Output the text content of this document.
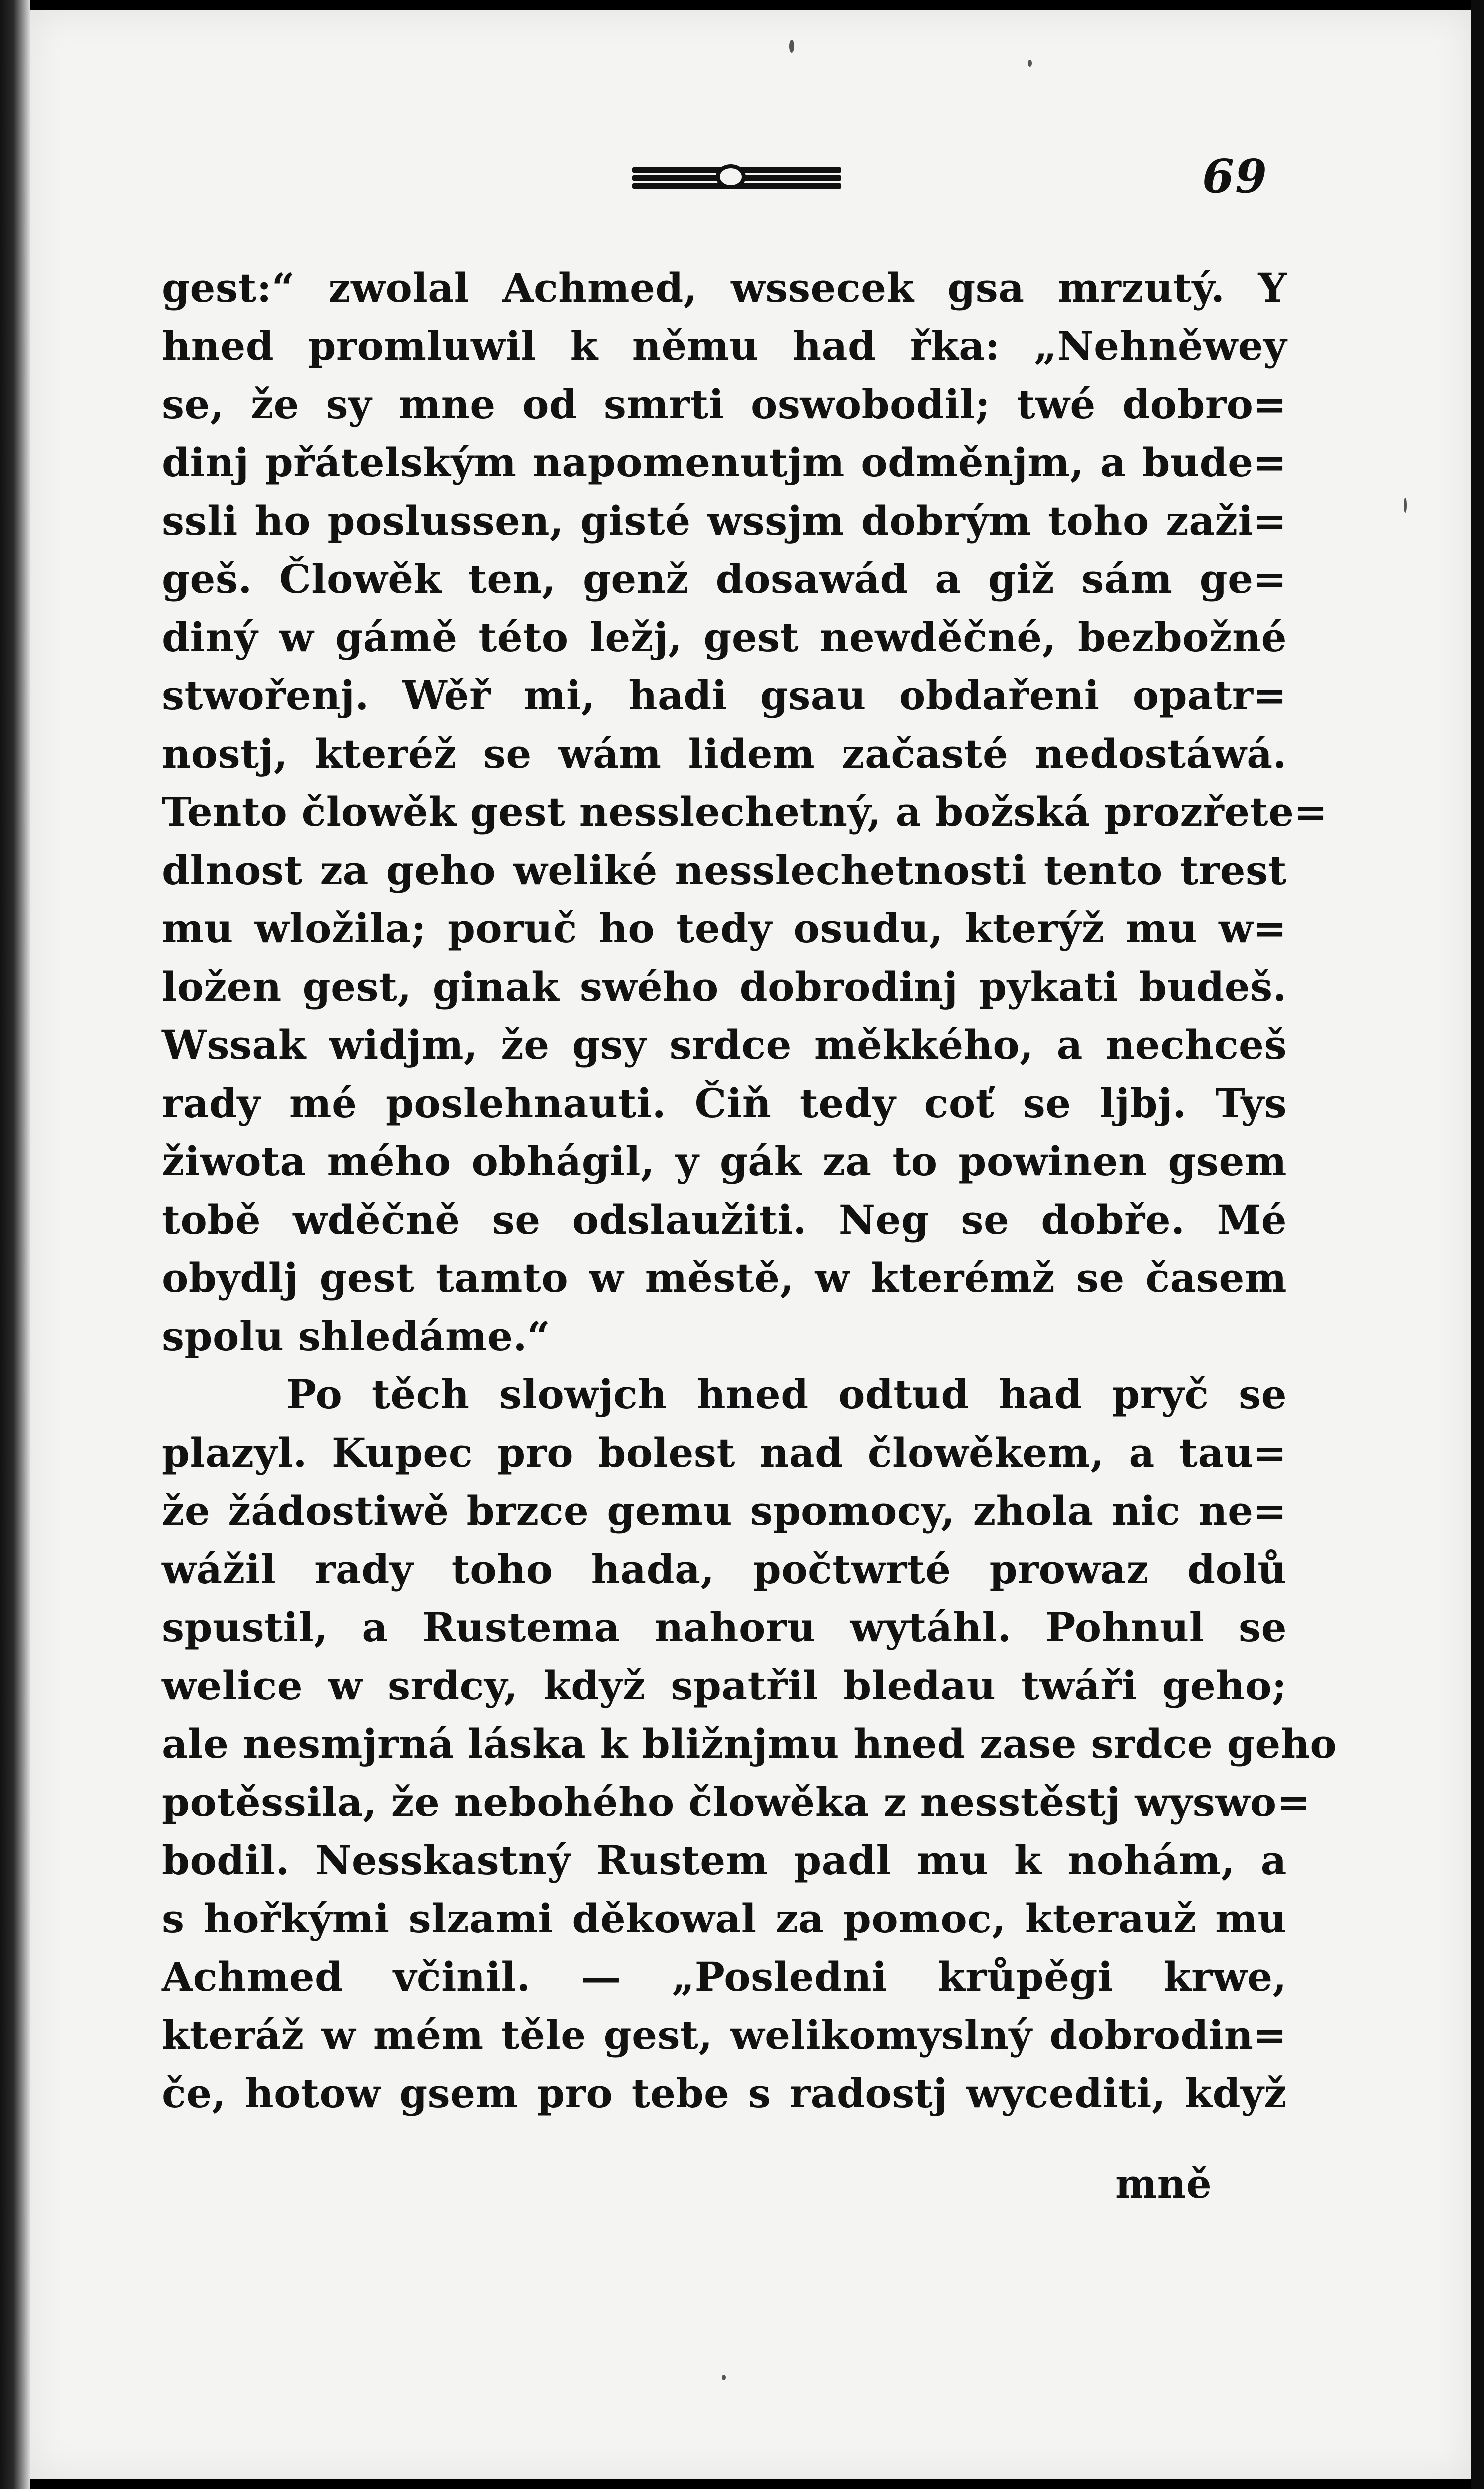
69
gest:“ zwolal Achmed, wssecek gsa mrzutý. Y
hned promluwil k němu had řka: „Nehněwey
se, že sy mne od smrti oswobodil; twé dobro=
dinj přátelským napomenutjm odměnjm, a bude=
ssli ho poslussen, gisté wssjm dobrým toho zaži=
geš. Člowěk ten, genž dosawád a giž sám ge=
diný w gámě této ležj, gest newděčné, bezbožné
stwořenj. Wěř mi, hadi gsau obdařeni opatr=
nostj, kteréž se wám lidem začasté nedostáwá.
Tento člowěk gest nesslechetný, a božská prozřete=
dlnost za geho weliké nesslechetnosti tento trest
mu wložila; poruč ho tedy osudu, kterýž mu w=
ložen gest, ginak swého dobrodinj pykati budeš.
Wssak widjm, že gsy srdce měkkého, a nechceš
rady mé poslehnauti. Čiň tedy coť se ljbj. Tys
žiwota mého obhágil, y gák za to powinen gsem
tobě wděčně se odslaužiti. Neg se dobře. Mé
obydlj gest tamto w městě, w kterémž se časem
spolu shledáme.“
Po těch slowjch hned odtud had pryč se
plazyl. Kupec pro bolest nad člowěkem, a tau=
že žádostiwě brzce gemu spomocy, zhola nic ne=
wážil rady toho hada, počtwrté prowaz dolů
spustil, a Rustema nahoru wytáhl. Pohnul se
welice w srdcy, když spatřil bledau twáři geho;
ale nesmjrná láska k bližnjmu hned zase srdce geho
potěssila, že nebohého člowěka z nesstěstj wyswo=
bodil. Nesskastný Rustem padl mu k nohám, a
s hořkými slzami děkowal za pomoc, kterauž mu
Achmed včinil. — „Posledni krůpěgi krwe,
kteráž w mém těle gest, welikomyslný dobrodin=
če, hotow gsem pro tebe s radostj wycediti, když
mně
